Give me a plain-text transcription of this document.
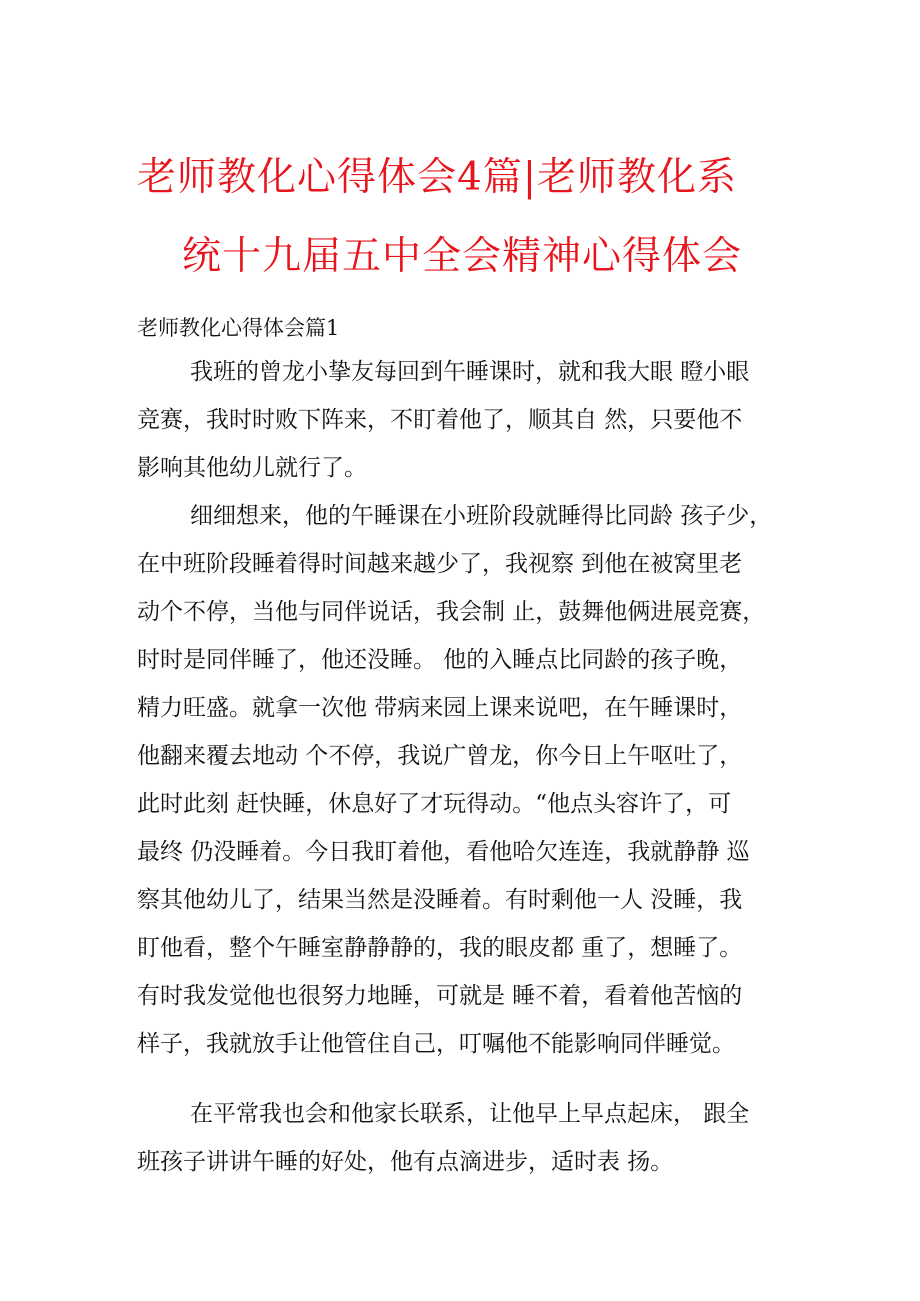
老师教化心得体会4篇|老师教化系
统十九届五中全会精神心得体会
老师教化心得体会篇1
我班的曾龙小挚友每回到午睡课时，就和我大眼 瞪小眼
竞赛，我时时败下阵来，不盯着他了，顺其自 然，只要他不
影响其他幼儿就行了。
细细想来，他的午睡课在小班阶段就睡得比同龄 孩子少，
在中班阶段睡着得时间越来越少了，我视察 到他在被窝里老
动个不停，当他与同伴说话，我会制 止，鼓舞他俩进展竞赛，
时时是同伴睡了，他还没睡。 他的入睡点比同龄的孩子晚，
精力旺盛。就拿一次他 带病来园上课来说吧，在午睡课时，
他翻来覆去地动 个不停，我说广曾龙，你今日上午呕吐了，
此时此刻 赶快睡，休息好了才玩得动。“他点头容许了，可
最终 仍没睡着。今日我盯着他，看他哈欠连连，我就静静 巡
察其他幼儿了，结果当然是没睡着。有时剩他一人 没睡，我
盯他看，整个午睡室静静静的，我的眼皮都 重了，想睡了。
有时我发觉他也很努力地睡，可就是 睡不着，看着他苦恼的
样子，我就放手让他管住自己，叮嘱他不能影响同伴睡觉。
在平常我也会和他家长联系，让他早上早点起床， 跟全
班孩子讲讲午睡的好处，他有点滴进步，适时表 扬。
